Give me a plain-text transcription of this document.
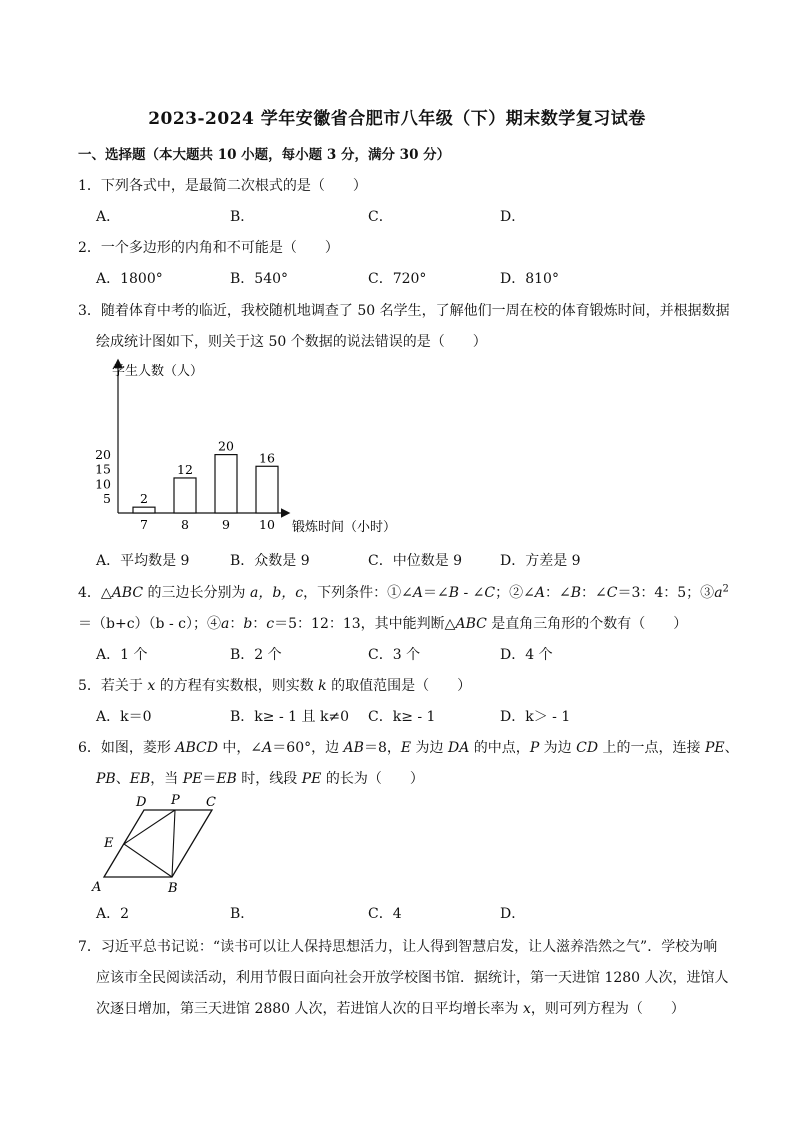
2023-2024 学年安徽省合肥市八年级（下）期末数学复习试卷
一、选择题（本大题共 10 小题，每小题 3 分，满分 30 分）
1．下列各式中，是最简二次根式的是（　　）
A．	B．	C．	D．
2．一个多边形的内角和不可能是（　　）
A．1800°	B．540°	C．720°	D．810°
3．随着体育中考的临近，我校随机地调查了 50 名学生，了解他们一周在校的体育锻炼时间，并根据数据
绘成统计图如下，则关于这 50 个数据的说法错误的是（　　）
学生人数（人）
锻炼时间（小时）
5
10
15
20
2
7
12
8
20
9
16
10
A．平均数是 9	B．众数是 9	C．中位数是 9	D．方差是 9
4．△ABC 的三边长分别为 a，b，c，下列条件：①∠A＝∠B - ∠C；②∠A：∠B：∠C＝3：4：5；$③a^2$
＝（b+c）（b - c）；④a：b：c＝5：12：13，其中能判断△ABC 是直角三角形的个数有（　　）
A．1 个	B．2 个	C．3 个	D．4 个
5．若关于 x 的方程有实数根，则实数 k 的取值范围是（　　）
A．k＝0	B．k≥ - 1 且 k≠0 C．k≥ - 1	D．k＞ - 1
6．如图，菱形 ABCD 中，∠A＝60°，边 AB＝8，E 为边 DA 的中点，P 为边 CD 上的一点，连接 PE、
PB、EB，当 PE＝EB 时，线段 PE 的长为（　　）
A	B
C
D
E
P
A．2	B．	C．4	D．
7．习近平总书记说：“读书可以让人保持思想活力，让人得到智慧启发，让人滋养浩然之气”．学校为响
应该市全民阅读活动，利用节假日面向社会开放学校图书馆．据统计，第一天进馆 1280 人次，进馆人
次逐日增加，第三天进馆 2880 人次，若进馆人次的日平均增长率为 x，则可列方程为（　　）
